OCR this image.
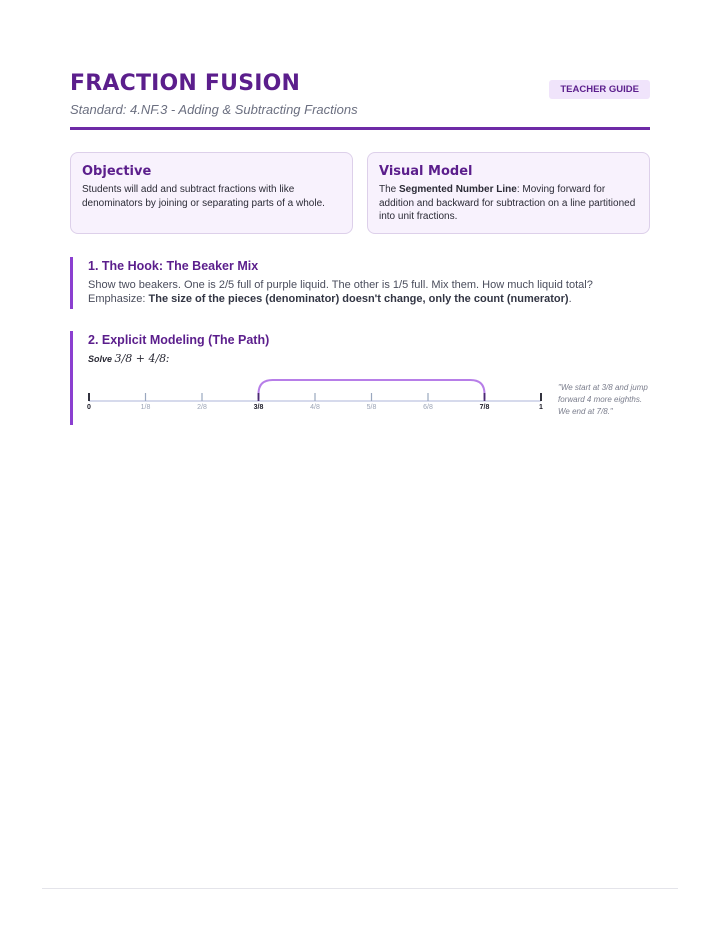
FRACTION FUSION
Standard: 4.NF.3 - Adding & Subtracting Fractions
TEACHER GUIDE
Objective

Students will add and subtract fractions with like denominators by joining or separating parts of a whole.

Visual Model

The Segmented Number Line: Moving forward for addition and backward for subtraction on a line partitioned into unit fractions.

1. The Hook: The Beaker Mix
Show two beakers. One is 2/5 full of purple liquid. The other is 1/5 full. Mix them. How much liquid total? Emphasize: The size of the pieces (denominator) doesn't change, only the count (numerator).
2. Explicit Modeling (The Path)
Solve 3/8 + 4/8:
0	1/8	2/8	3/8	4/8	5/8	6/8	7/8	1
"We start at 3/8 and jump forward 4 more eighths. We end at 7/8."
